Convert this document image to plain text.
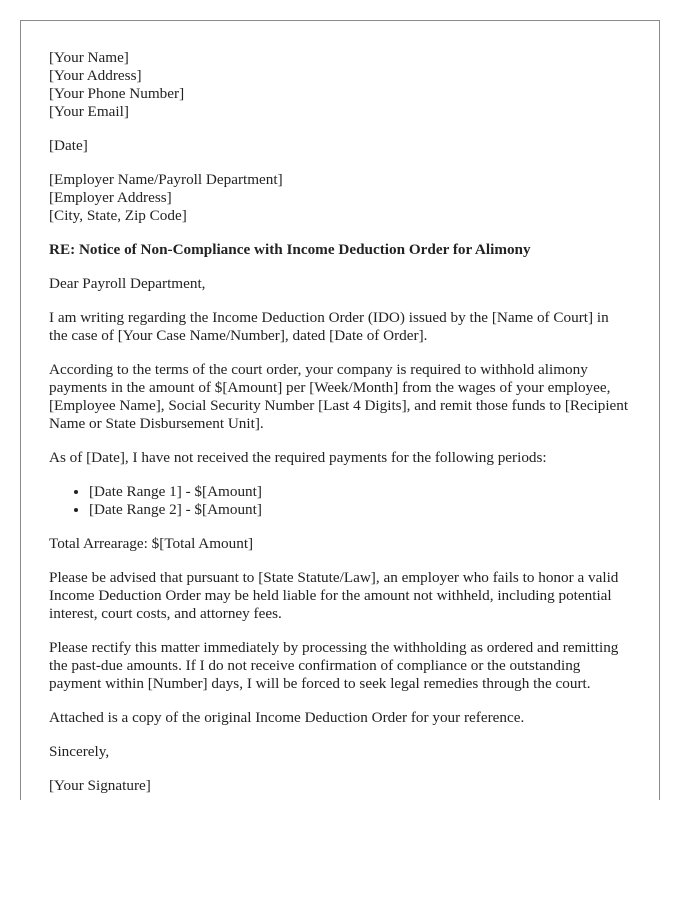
[Your Name]
[Your Address]
[Your Phone Number]
[Your Email]
[Date]
[Employer Name/Payroll Department]
[Employer Address]
[City, State, Zip Code]
RE: Notice of Non-Compliance with Income Deduction Order for Alimony
Dear Payroll Department,
I am writing regarding the Income Deduction Order (IDO) issued by the [Name of Court] in the case of [Your Case Name/Number], dated [Date of Order].
According to the terms of the court order, your company is required to withhold alimony payments in the amount of $[Amount] per [Week/Month] from the wages of your employee, [Employee Name], Social Security Number [Last 4 Digits], and remit those funds to [Recipient Name or State Disbursement Unit].
As of [Date], I have not received the required payments for the following periods:
• [Date Range 1] - $[Amount]
• [Date Range 2] - $[Amount]
Total Arrearage: $[Total Amount]
Please be advised that pursuant to [State Statute/Law], an employer who fails to honor a valid Income Deduction Order may be held liable for the amount not withheld, including potential interest, court costs, and attorney fees.
Please rectify this matter immediately by processing the withholding as ordered and remitting the past-due amounts. If I do not receive confirmation of compliance or the outstanding payment within [Number] days, I will be forced to seek legal remedies through the court.
Attached is a copy of the original Income Deduction Order for your reference.
Sincerely,
[Your Signature]
